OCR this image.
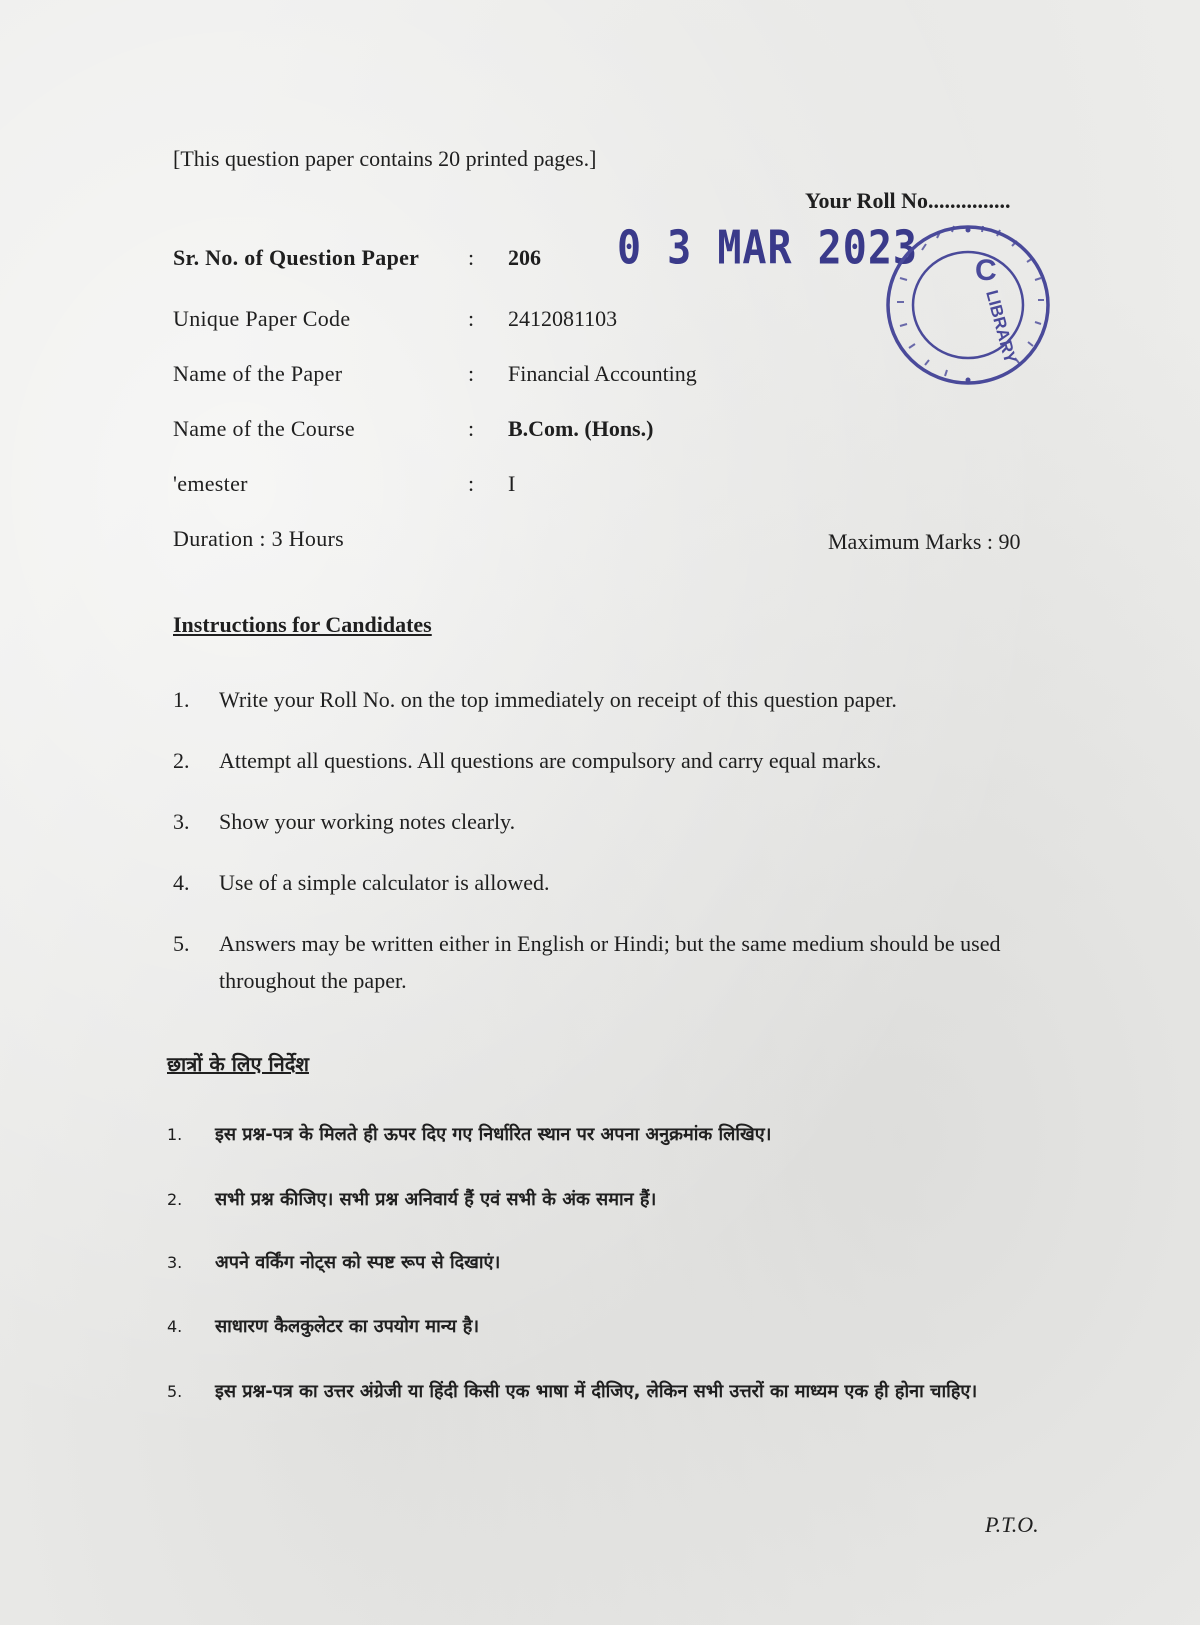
[This question paper contains 20 printed pages.]
Your Roll No...............
Sr. No. of Question Paper : 206
Unique Paper Code	: 2412081103
Name of the Paper	: Financial Accounting
Name of the Course	: B.Com. (Hons.)
'emester	: I
Duration : 3 Hours	Maximum Marks : 90
0 3 MAR 2023 C
LIBRARY
Instructions for Candidates
1. Write your Roll No. on the top immediately on receipt of this question paper.
2. Attempt all questions. All questions are compulsory and carry equal marks.
3. Show your working notes clearly.
4. Use of a simple calculator is allowed.
5. Answers may be written either in English or Hindi; but the same medium should be used throughout the paper.
छात्रों के लिए निर्देश
1. इस प्रश्न-पत्र के मिलते ही ऊपर दिए गए निर्धारित स्थान पर अपना अनुक्रमांक लिखिए।
2. सभी प्रश्न कीजिए। सभी प्रश्न अनिवार्य हैं एवं सभी के अंक समान हैं।
3. अपने वर्किंग नोट्स को स्पष्ट रूप से दिखाएं।
4. साधारण कैलकुलेटर का उपयोग मान्य है।
5. इस प्रश्न-पत्र का उत्तर अंग्रेजी या हिंदी किसी एक भाषा में दीजिए, लेकिन सभी उत्तरों का माध्यम एक ही होना चाहिए।
P.T.O.
